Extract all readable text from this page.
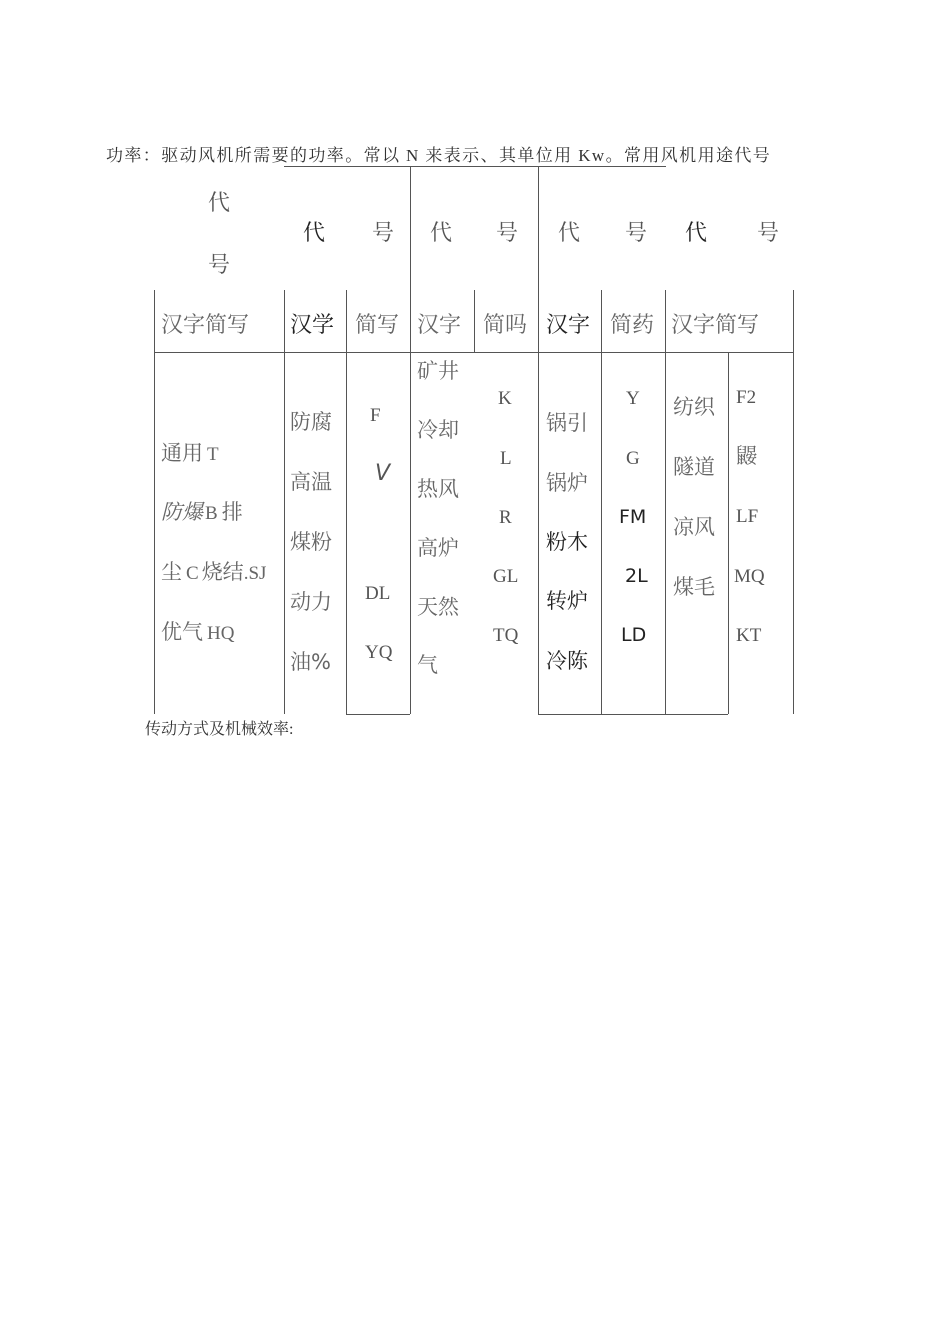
功率：驱动风机所需要的功率。常以 N 来表示、其单位用 Kw。常用风机用途代号
代
号
代 号 代 号 代 号 代 号
汉字简写 汉学 简写 汉字 简吗 汉字 简药 汉字简写
通用 T
防爆 B 排
尘 C 烧结.SJ
优气 HQ
防腐
高温
煤粉
动力
油%
F
V
DL
YQ
矿井
冷却
热风
高炉
天然
气
K
L
R
GL
TQ
锅引
锅炉
粉木
转炉
冷陈
Y
G
FM
2L
LD
纺织
隧道
凉风
煤毛
F2
鼹
LF
MQ
KT
传动方式及机械效率:
